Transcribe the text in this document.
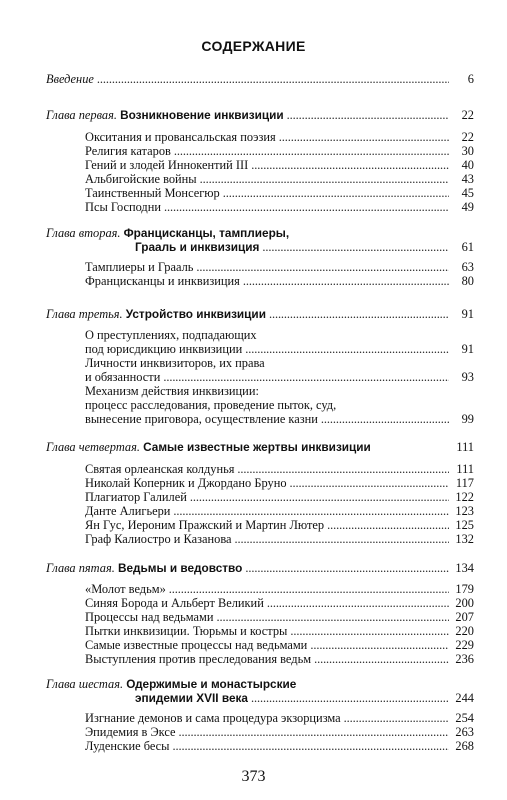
СОДЕРЖАНИЕ
Введение . . .	6
Глава первая.
Возникновение инквизиции . . .	22
Окситания и провансальская поэзия . . .	22
Религия катаров . . .	30
Гений и злодей Иннокентий III . . .	40
Альбигойские войны . . .	43
Таинственный Монсегюр . . .	45
Псы Господни . . .	49
Глава вторая.
Францисканцы, тамплиеры,
Грааль и инквизиция . . .	61
Тамплиеры и Грааль . . .	63
Францисканцы и инквизиция . . .	80
Глава третья.
Устройство инквизиции . . .	91
О преступлениях, подпадающих
под юрисдикцию инквизиции . . .	91
Личности инквизиторов, их права
и обязанности . . .	93
Механизм действия инквизиции:
процесс расследования, проведение пыток, суд,
вынесение приговора, осуществление казни . . .	99
Глава четвертая.
Самые известные жертвы инквизиции	111
Святая орлеанская колдунья . . .	111
Николай Коперник и Джордано Бруно . . .	117
Плагиатор Галилей . . .	122
Данте Алигьери . . .	123
Ян Гус, Иероним Пражский и Мартин Лютер . . .	125
Граф Калиостро и Казанова . . .	132
Глава пятая.
Ведьмы и ведовство . . .	134
«Молот ведьм» . . .	179
Синяя Борода и Альберт Великий . . .	200
Процессы над ведьмами . . .	207
Пытки инквизиции. Тюрьмы и костры . . .	220
Самые известные процессы над ведьмами . . .	229
Выступления против преследования ведьм . . .	236
Глава шестая.
Одержимые и монастырские
эпидемии XVII века . . .	244
Изгнание демонов и сама процедура экзорцизма . . .	254
Эпидемия в Эксе . . .	263
Луденские бесы . . .	268
373
